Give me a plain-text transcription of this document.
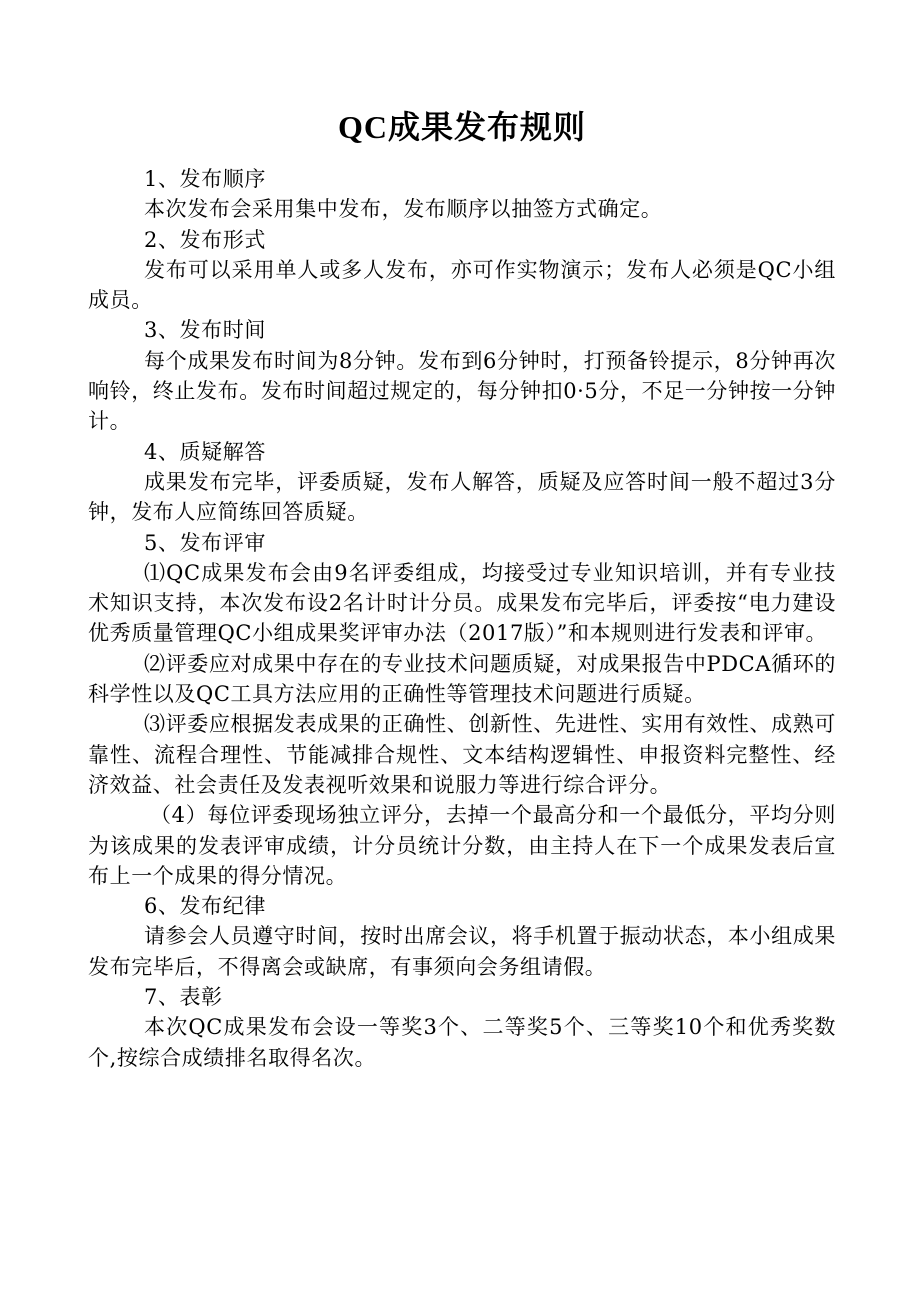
QC成果发布规则

1、发布顺序

本次发布会采用集中发布，发布顺序以抽签方式确定。

2、发布形式

发布可以采用单人或多人发布，亦可作实物演示；发布人必须是QC小组成员。

3、发布时间

每个成果发布时间为8分钟。发布到6分钟时，打预备铃提示，8分钟再次响铃，终止发布。发布时间超过规定的，每分钟扣0·5分，不足一分钟按一分钟计。

4、质疑解答

成果发布完毕，评委质疑，发布人解答，质疑及应答时间一般不超过3分钟，发布人应简练回答质疑。

5、发布评审

⑴QC成果发布会由9名评委组成，均接受过专业知识培训，并有专业技术知识支持，本次发布设2名计时计分员。成果发布完毕后，评委按“电力建设优秀质量管理QC小组成果奖评审办法（2017版）”和本规则进行发表和评审。

⑵评委应对成果中存在的专业技术问题质疑，对成果报告中PDCA循环的科学性以及QC工具方法应用的正确性等管理技术问题进行质疑。

⑶评委应根据发表成果的正确性、创新性、先进性、实用有效性、成熟可靠性、流程合理性、节能减排合规性、文本结构逻辑性、申报资料完整性、经济效益、社会责任及发表视听效果和说服力等进行综合评分。

（4）每位评委现场独立评分，去掉一个最高分和一个最低分，平均分则为该成果的发表评审成绩，计分员统计分数，由主持人在下一个成果发表后宣布上一个成果的得分情况。

6、发布纪律

请参会人员遵守时间，按时出席会议，将手机置于振动状态，本小组成果发布完毕后，不得离会或缺席，有事须向会务组请假。

7、表彰

本次QC成果发布会设一等奖3个、二等奖5个、三等奖10个和优秀奖数个,按综合成绩排名取得名次。
